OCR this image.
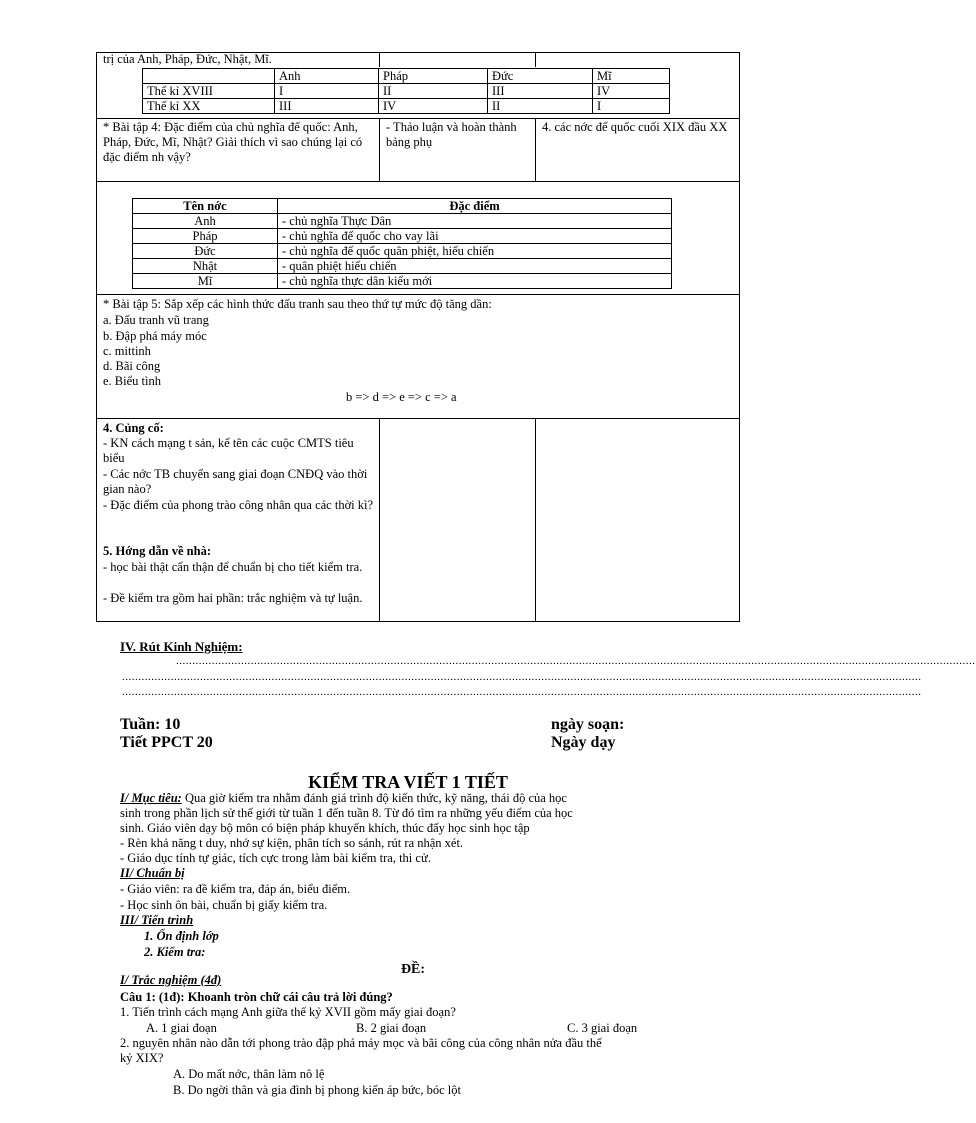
trị của Anh, Pháp, Đức, Nhật, Mĩ.
	Anh	Pháp	Đức	Mĩ
Thế kỉ XVIII	I	II	III	IV
Thế kỉ XX	III	IV	II	I
* Bài tập 4: Đặc điểm của chủ nghĩa đế quốc: Anh, Pháp, Đức, Mĩ, Nhật? Giải thích vì sao chúng lại có đặc điểm nh vậy?
- Thảo luận và hoàn thành bảng phụ
4. các nớc đế quốc cuối XIX đầu XX
Tên nớc	Đặc điểm
Anh	- chủ nghĩa Thực Dân
Pháp	- chủ nghĩa đế quốc cho vay lãi
Đức	- chủ nghĩa đế quốc quân phiệt, hiếu chiến
Nhật	- quân phiệt hiếu chiến
Mĩ	- chủ nghĩa thực dân kiểu mới
* Bài tập 5: Sắp xếp các hình thức đấu tranh sau theo thứ tự mức độ tăng dần:
a. Đấu tranh vũ trang
b. Đập phá máy móc
c. mittinh
d. Bãi công
e. Biểu tình
b => d => e => c => a
4. Củng cố:
- KN cách mạng t sản, kể tên các cuộc CMTS tiêu biểu
- Các nớc TB chuyển sang giai đoạn CNĐQ vào thời gian nào?
- Đặc điểm của phong trào công nhân qua các thời kì?
5. Hớng dẫn về nhà:
- học bài thật cẩn thận để chuẩn bị cho tiết kiểm tra.
- Đề kiểm tra gồm hai phần: trắc nghiệm và tự luận.
IV. Rút Kinh Nghiệm:
......................................................................................................................................................................................................................................................
......................................................................................................................................................................................................................................................
......................................................................................................................................................................................................................................................
Tuần: 10
Tiết PPCT 20
ngày soạn:
Ngày dạy
KIỂM TRA VIẾT 1 TIẾT
I/ Mục tiêu: Qua giờ kiểm tra nhằm đánh giá trình độ kiến thức, kỹ năng, thái độ của học
sinh trong phần lịch sử thế giới từ tuần 1 đến tuần 8. Từ đó tìm ra những yếu điểm của học
sinh. Giáo viên dạy bộ môn có biện pháp khuyến khích, thúc đẩy học sinh học tập
- Rèn khả năng t duy, nhớ sự kiện, phân tích so sánh, rút ra nhận xét.
- Giáo dục tính tự giác, tích cực trong làm bài kiểm tra, thi cử.
II/ Chuẩn bị
- Giáo viên: ra đề kiểm tra, đáp án, biểu điểm.
- Học sinh ôn bài, chuẩn bị giấy kiểm tra.
III/ Tiến trình
1. Ổn định lớp
2. Kiểm tra:
ĐỀ:
I/ Trắc nghiệm (4đ)
Câu 1: (1đ): Khoanh tròn chữ cái câu trả lời đúng?
1. Tiến trình cách mạng Anh giữa thế kỷ XVII gồm mấy giai đoạn?
A. 1 giai đoạn	B. 2 giai đoạn	C. 3 giai đoạn
2. nguyên nhân nào dẫn tới phong trào đập phá máy mọc và bãi công của công nhân nửa đầu thế
kỷ XIX?
A. Do mất nớc, thân làm nô lệ
B. Do ngời thân và gia đình bị phong kiến áp bức, bóc lột
